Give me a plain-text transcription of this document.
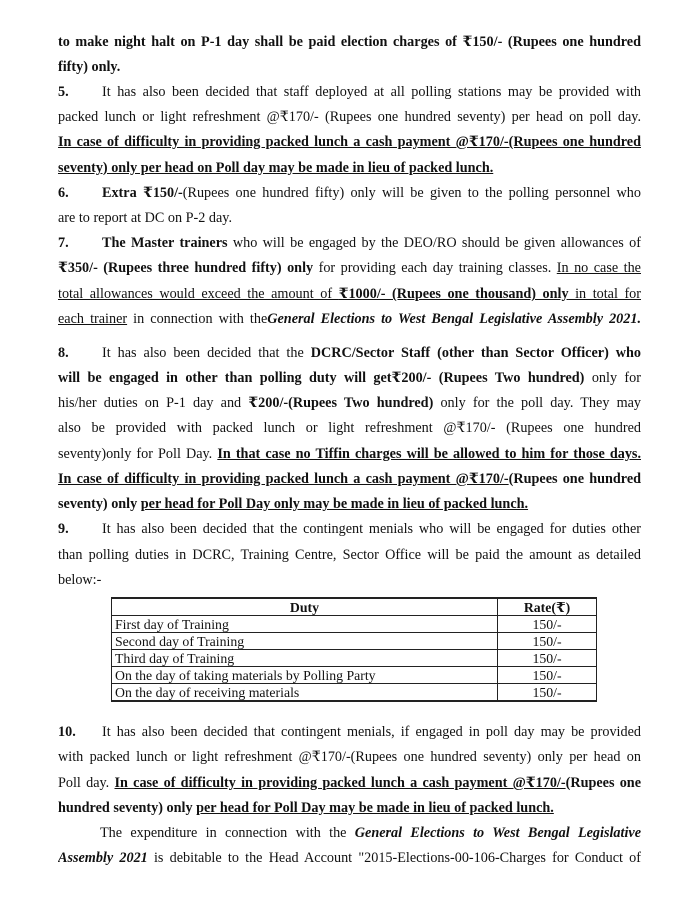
to make night halt on P-1 day shall be paid election charges of ₹150/- (Rupees one hundred
fifty) only.
5. It has also been decided that staff deployed at all polling stations may be provided with
packed lunch or light refreshment @₹170/- (Rupees one hundred seventy) per head on poll day.
In case of difficulty in providing packed lunch a cash payment @₹170/-(Rupees one hundred
seventy) only per head on Poll day may be made in lieu of packed lunch.
6. Extra ₹150/-(Rupees one hundred fifty) only will be given to the polling personnel who
are to report at DC on P-2 day.
7. The Master trainers who will be engaged by the DEO/RO should be given allowances of
₹350/- (Rupees three hundred fifty) only for providing each day training classes. In no case the
total allowances would exceed the amount of ₹1000/- (Rupees one thousand) only in total for
each trainer in connection with theGeneral Elections to West Bengal Legislative Assembly 2021.
8. It has also been decided that the DCRC/Sector Staff (other than Sector Officer) who
will be engaged in other than polling duty will get₹200/- (Rupees Two hundred) only for
his/her duties on P-1 day and ₹200/-(Rupees Two hundred) only for the poll day. They may
also be provided with packed lunch or light refreshment @₹170/- (Rupees one hundred
seventy)only for Poll Day. In that case no Tiffin charges will be allowed to him for those days.
In case of difficulty in providing packed lunch a cash payment @₹170/-(Rupees one hundred
seventy) only per head for Poll Day only may be made in lieu of packed lunch.
9. It has also been decided that the contingent menials who will be engaged for duties other
than polling duties in DCRC, Training Centre, Sector Office will be paid the amount as detailed
below:-
Duty	Rate(₹)
First day of Training	150/-
Second day of Training	150/-
Third day of Training	150/-
On the day of taking materials by Polling Party	150/-
On the day of receiving materials	150/-
10. It has also been decided that contingent menials, if engaged in poll day may be provided
with packed lunch or light refreshment @₹170/-(Rupees one hundred seventy) only per head on
Poll day. In case of difficulty in providing packed lunch a cash payment @₹170/-(Rupees one
hundred seventy) only per head for Poll Day may be made in lieu of packed lunch.
The expenditure in connection with the General Elections to West Bengal Legislative
Assembly 2021 is debitable to the Head Account "2015-Elections-00-106-Charges for Conduct of
